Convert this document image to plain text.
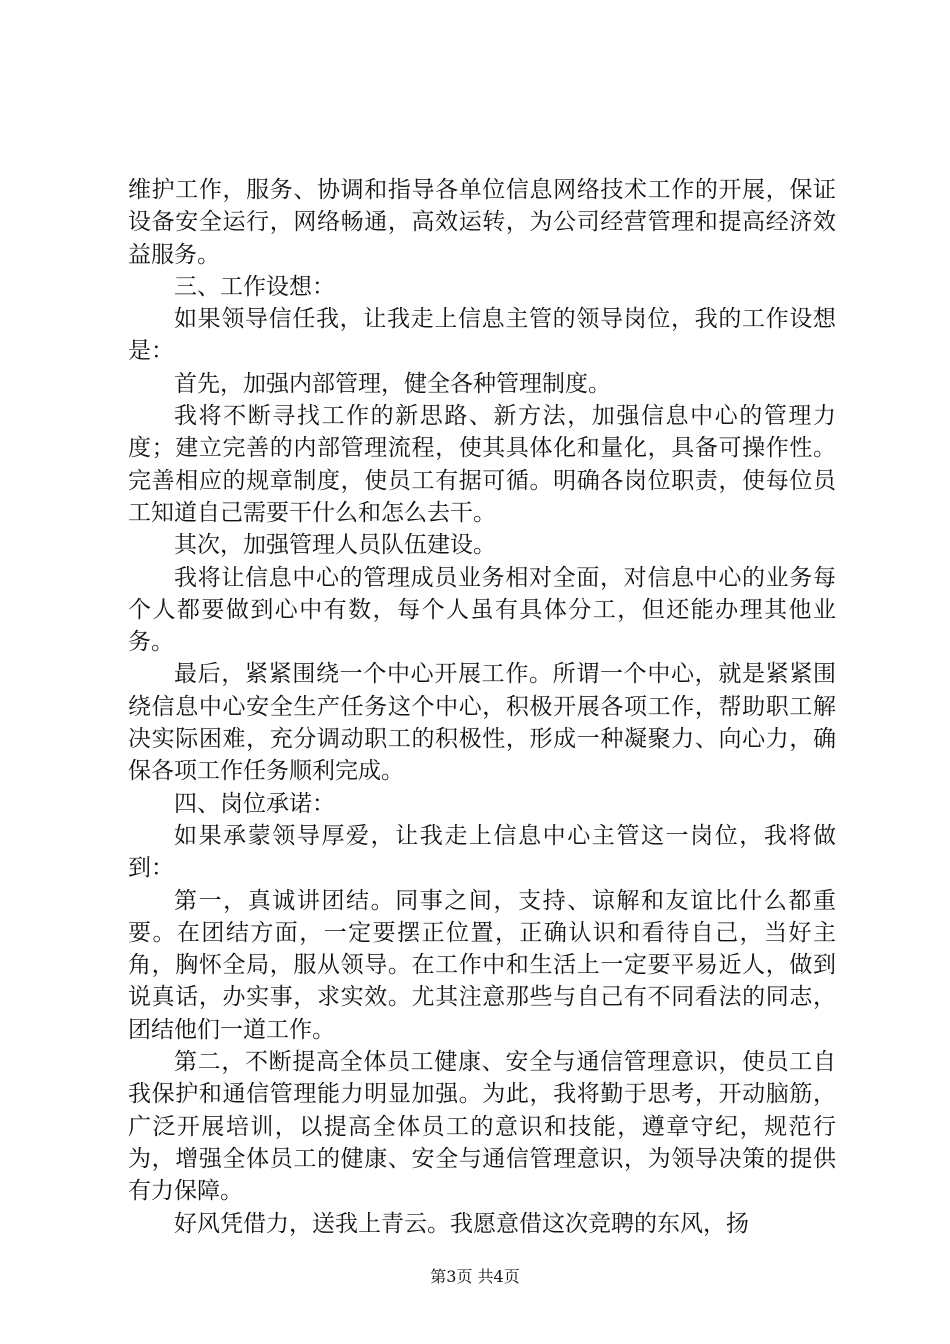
维护工作，服务、协调和指导各单位信息网络技术工作的开展，保证设备安全运行，网络畅通，高效运转，为公司经营管理和提高经济效益服务。

三、工作设想：

如果领导信任我，让我走上信息主管的领导岗位，我的工作设想是：

首先，加强内部管理，健全各种管理制度。

我将不断寻找工作的新思路、新方法，加强信息中心的管理力度；建立完善的内部管理流程，使其具体化和量化，具备可操作性。完善相应的规章制度，使员工有据可循。明确各岗位职责，使每位员工知道自己需要干什么和怎么去干。

其次，加强管理人员队伍建设。

我将让信息中心的管理成员业务相对全面，对信息中心的业务每个人都要做到心中有数，每个人虽有具体分工，但还能办理其他业务。

最后，紧紧围绕一个中心开展工作。所谓一个中心，就是紧紧围绕信息中心安全生产任务这个中心，积极开展各项工作，帮助职工解决实际困难，充分调动职工的积极性，形成一种凝聚力、向心力，确保各项工作任务顺利完成。

四、岗位承诺：

如果承蒙领导厚爱，让我走上信息中心主管这一岗位，我将做到：

第一，真诚讲团结。同事之间，支持、谅解和友谊比什么都重要。在团结方面，一定要摆正位置，正确认识和看待自己，当好主角，胸怀全局，服从领导。在工作中和生活上一定要平易近人，做到说真话，办实事，求实效。尤其注意那些与自己有不同看法的同志，团结他们一道工作。

第二，不断提高全体员工健康、安全与通信管理意识，使员工自我保护和通信管理能力明显加强。为此，我将勤于思考，开动脑筋，广泛开展培训，以提高全体员工的意识和技能，遵章守纪，规范行为，增强全体员工的健康、安全与通信管理意识，为领导决策的提供有力保障。

好风凭借力，送我上青云。我愿意借这次竞聘的东风，扬

第3页 共4页
